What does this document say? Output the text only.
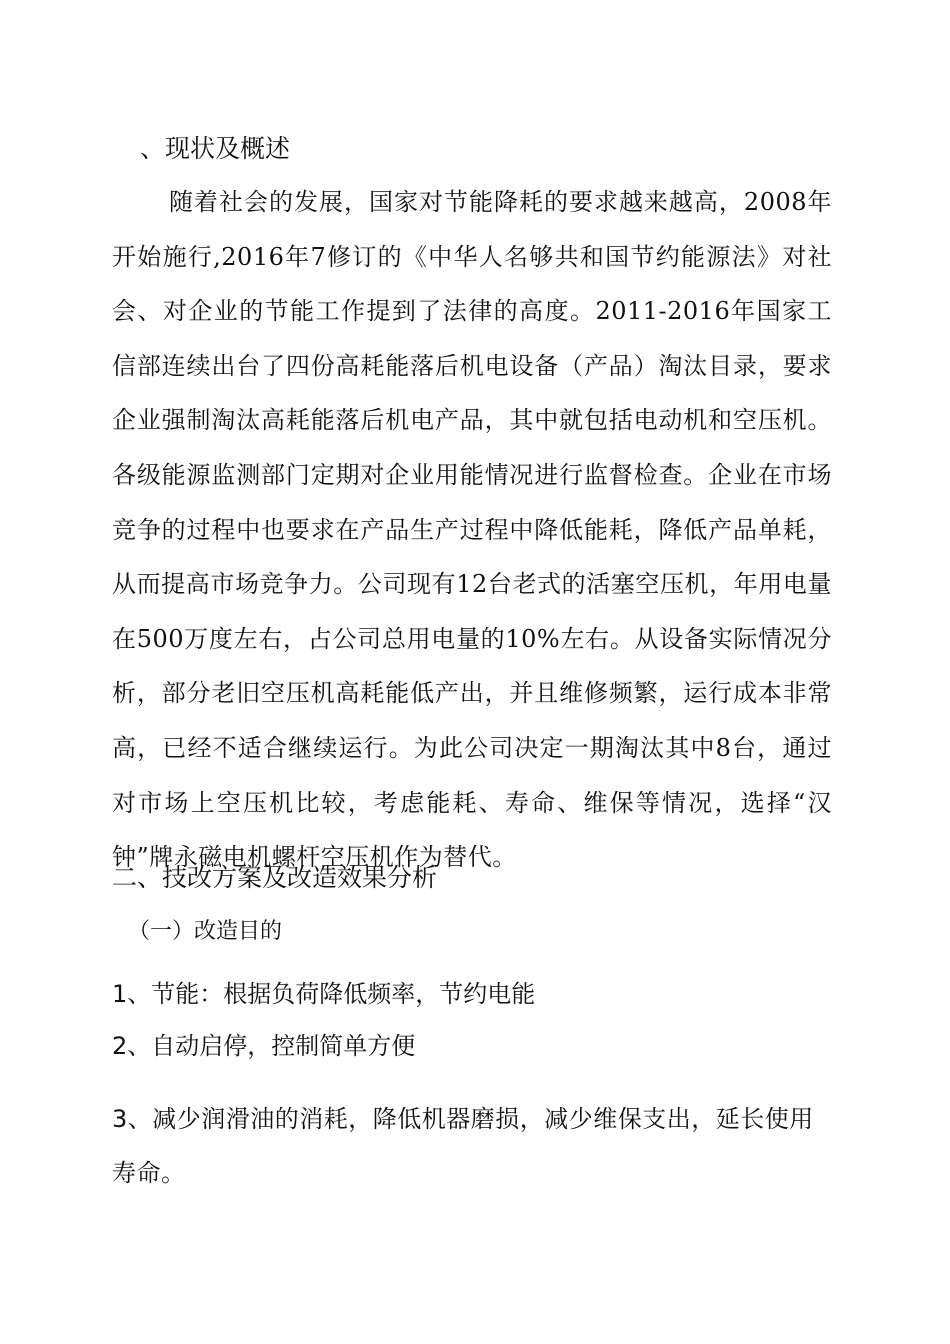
、现状及概述
随着社会的发展，国家对节能降耗的要求越来越高，2008年开始施行,2016年7修订的《中华人名够共和国节约能源法》对社会、对企业的节能工作提到了法律的高度。2011-2016年国家工信部连续出台了四份高耗能落后机电设备（产品）淘汰目录，要求企业强制淘汰高耗能落后机电产品，其中就包括电动机和空压机。各级能源监测部门定期对企业用能情况进行监督检查。企业在市场竞争的过程中也要求在产品生产过程中降低能耗，降低产品单耗，从而提高市场竞争力。公司现有12台老式的活塞空压机，年用电量在500万度左右，占公司总用电量的10%左右。从设备实际情况分析，部分老旧空压机高耗能低产出，并且维修频繁，运行成本非常高，已经不适合继续运行。为此公司决定一期淘汰其中8台，通过对市场上空压机比较，考虑能耗、寿命、维保等情况，选择“汉钟”牌永磁电机螺杆空压机作为替代。
二、技改方案及改造效果分析
（一）改造目的
1、节能：根据负荷降低频率，节约电能
2、自动启停，控制简单方便
3、减少润滑油的消耗，降低机器磨损，减少维保支出，延长使用寿命。
